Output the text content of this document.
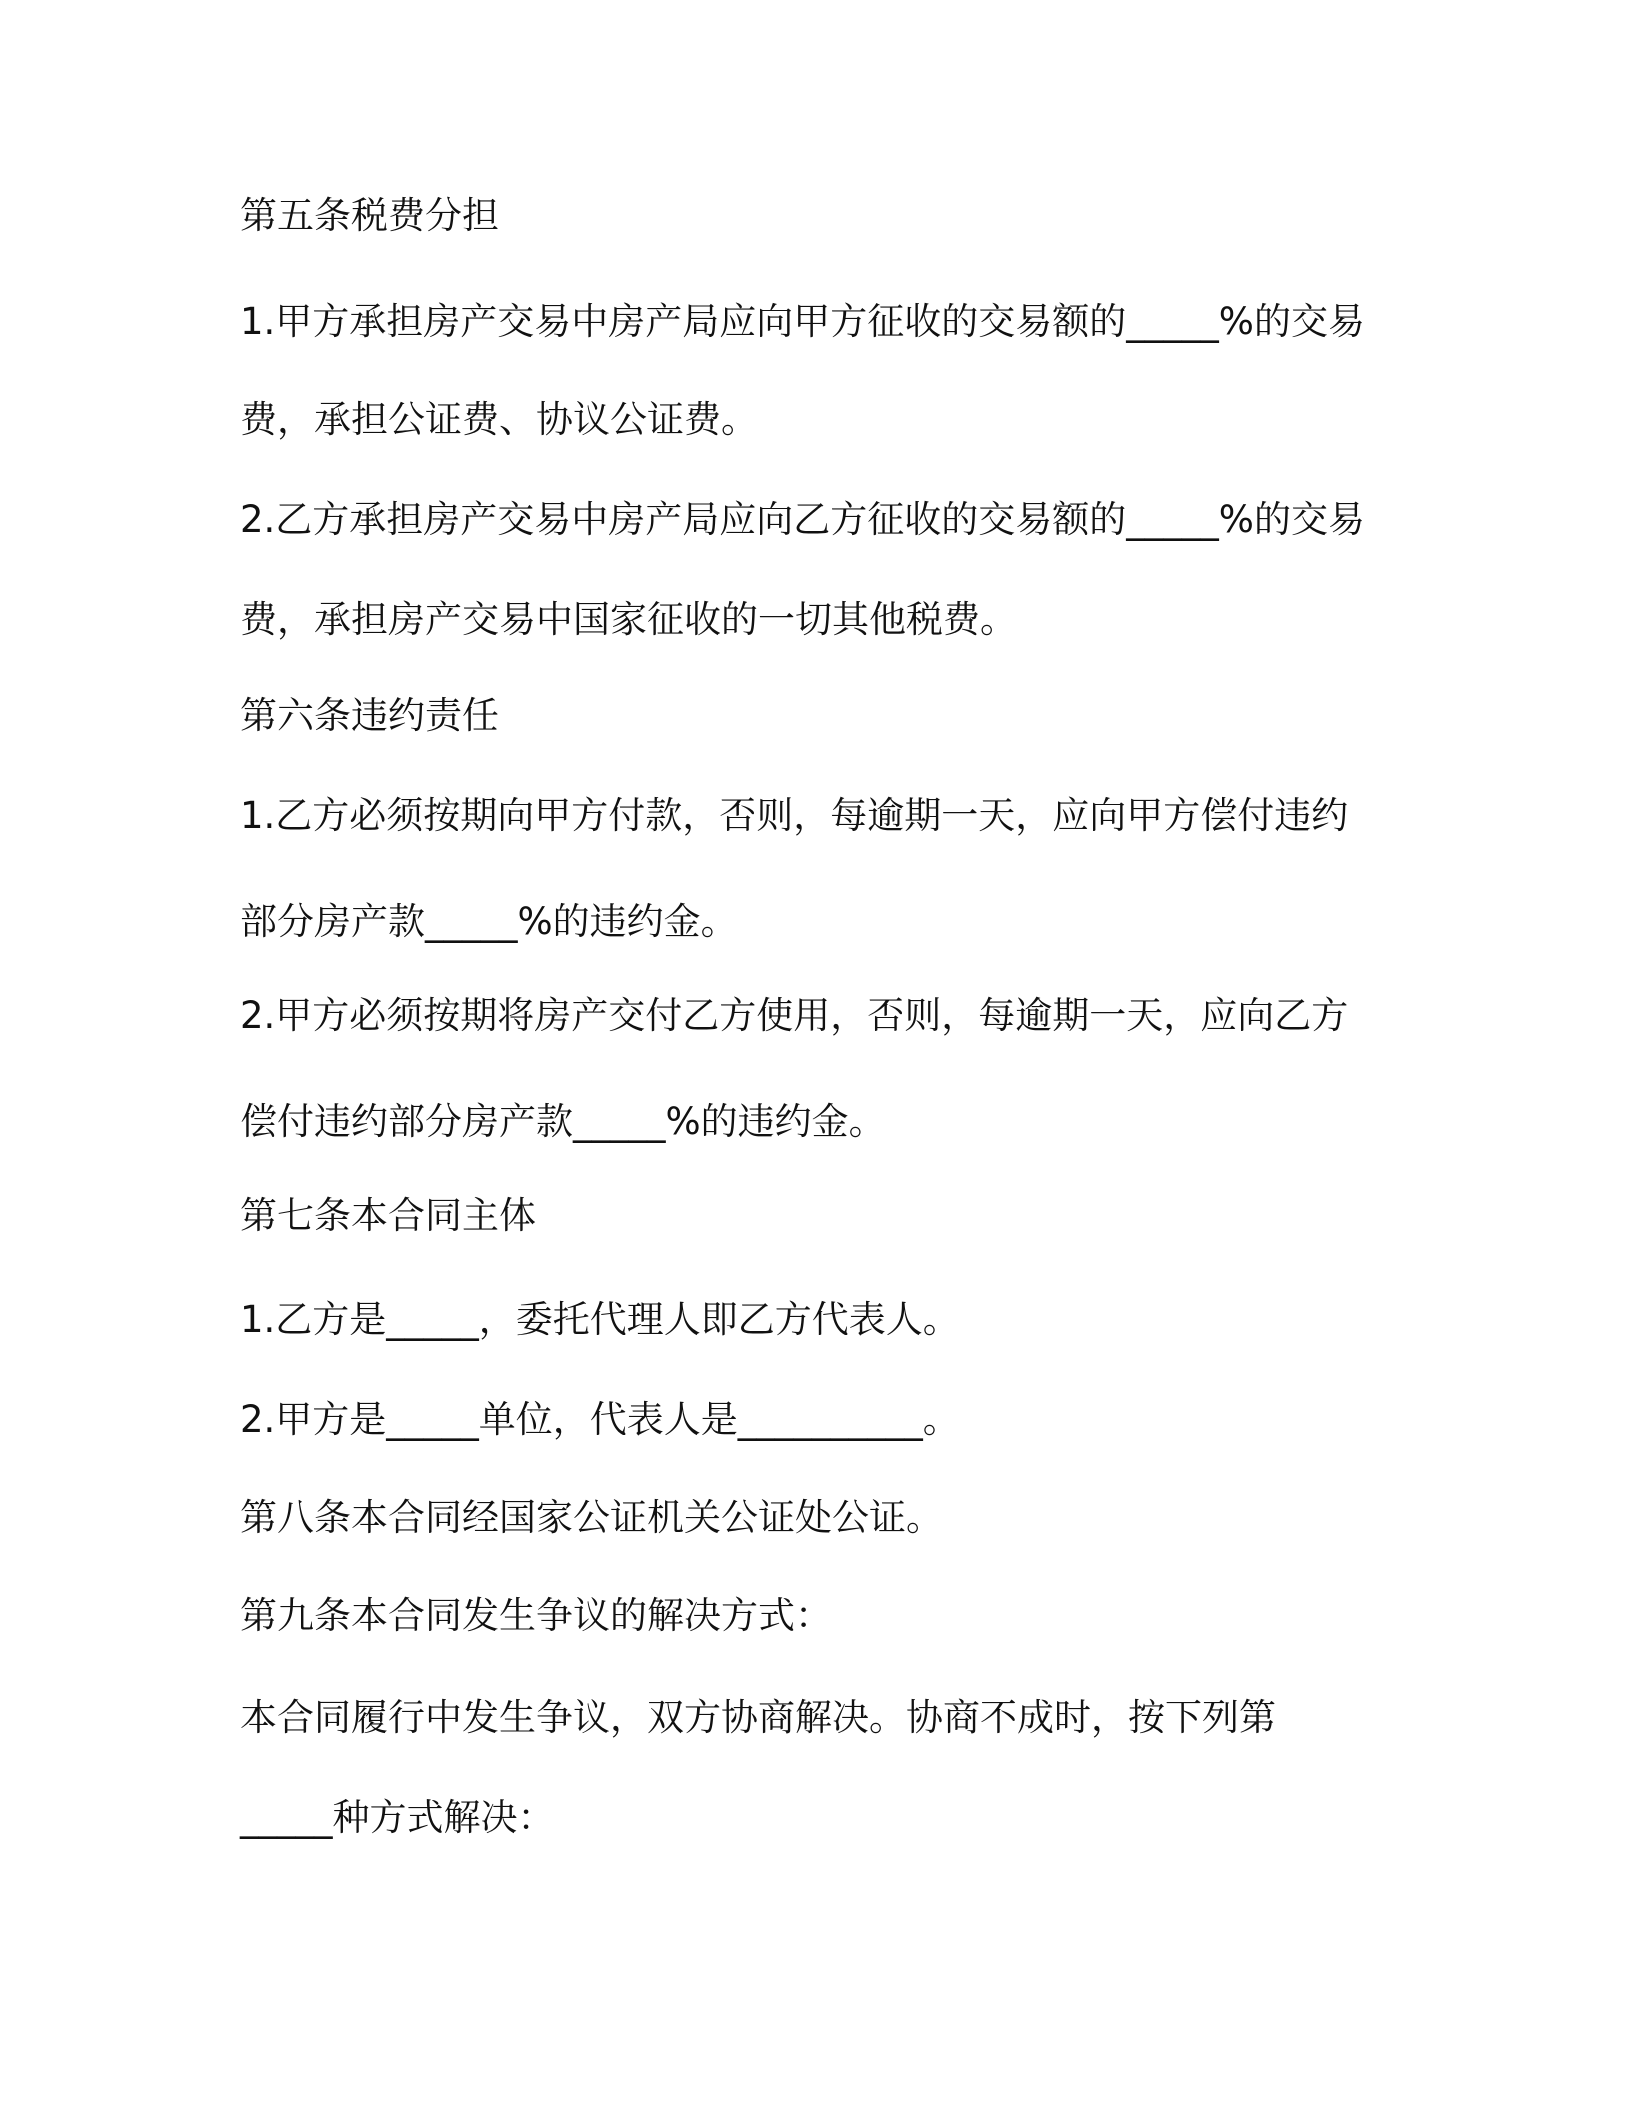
第五条税费分担

1.甲方承担房产交易中房产局应向甲方征收的交易额的_____%的交易

费，承担公证费、协议公证费。

2.乙方承担房产交易中房产局应向乙方征收的交易额的_____%的交易

费，承担房产交易中国家征收的一切其他税费。

第六条违约责任

1.乙方必须按期向甲方付款，否则，每逾期一天，应向甲方偿付违约

部分房产款_____%的违约金。

2.甲方必须按期将房产交付乙方使用，否则，每逾期一天，应向乙方

偿付违约部分房产款_____%的违约金。

第七条本合同主体

1.乙方是_____，委托代理人即乙方代表人。

2.甲方是_____单位，代表人是__________。

第八条本合同经国家公证机关公证处公证。

第九条本合同发生争议的解决方式：

本合同履行中发生争议，双方协商解决。协商不成时，按下列第

_____种方式解决：
